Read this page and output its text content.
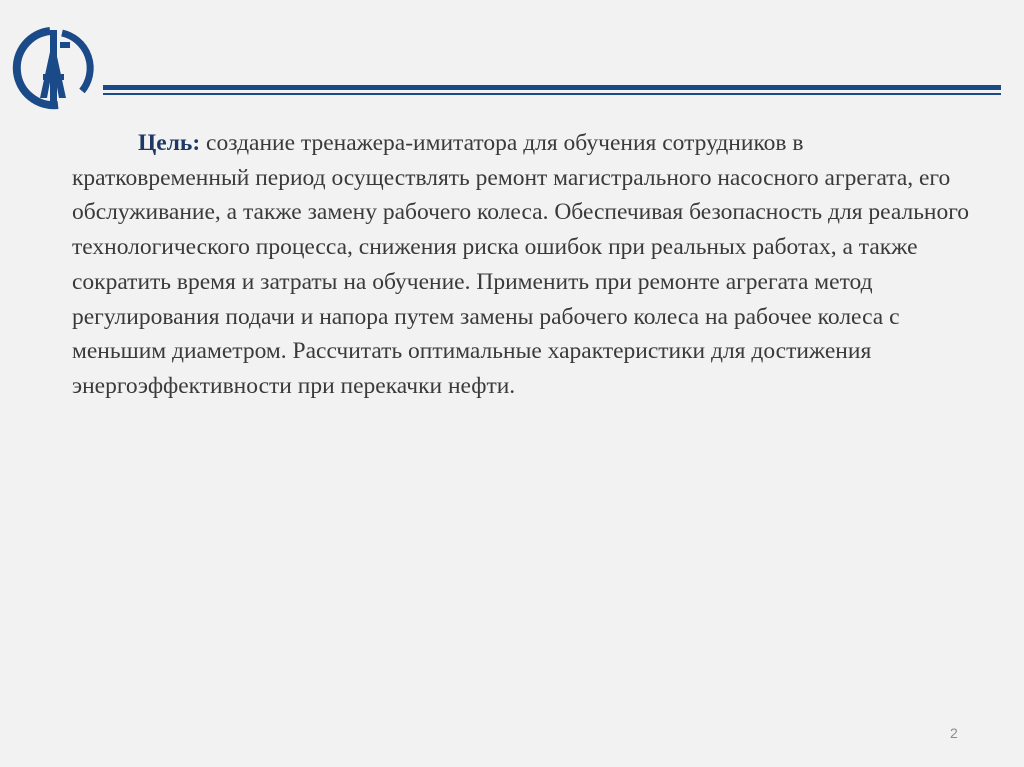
Цель: создание тренажера-имитатора для обучения сотрудников в кратковременный период осуществлять ремонт магистрального насосного агрегата, его обслуживание, а также замену рабочего колеса. Обеспечивая безопасность для реального технологического процесса, снижения риска ошибок при реальных работах, а также сократить время и затраты на обучение. Применить при ремонте агрегата метод регулирования подачи и напора путем замены рабочего колеса на рабочее колеса с меньшим диаметром. Рассчитать оптимальные характеристики для достижения энергоэффективности при перекачки нефти.

2
